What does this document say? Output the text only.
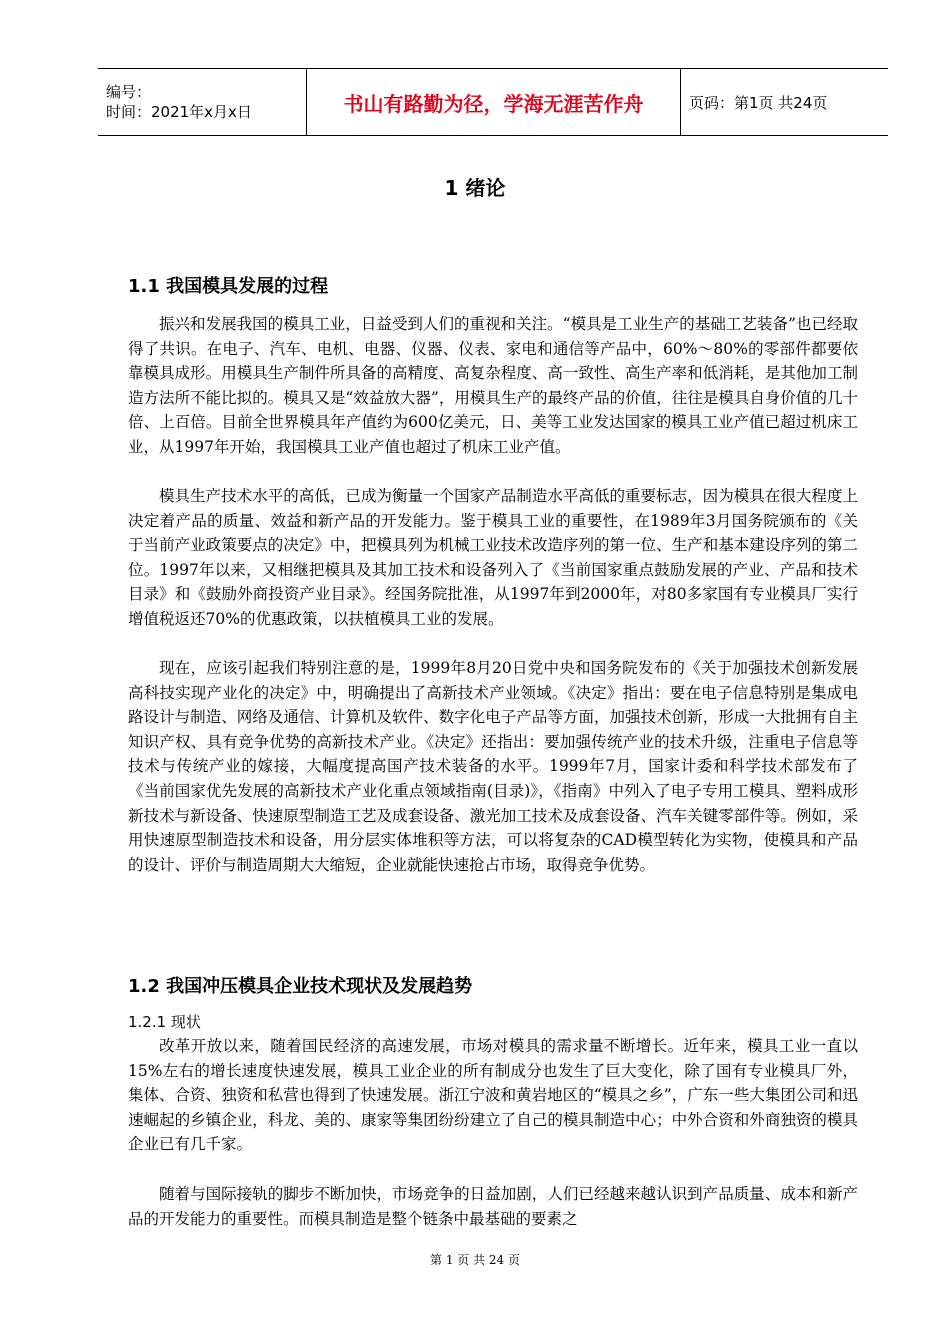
编号：
时间：2021年x月x日	书山有路勤为径，学海无涯苦作舟	页码：第1页 共24页
1 绪论
1.1 我国模具发展的过程

振兴和发展我国的模具工业，日益受到人们的重视和关注。“模具是工业生产的基础工艺装备”也已经取得了共识。在电子、汽车、电机、电器、仪器、仪表、家电和通信等产品中，60%～80%的零部件都要依靠模具成形。用模具生产制件所具备的高精度、高复杂程度、高一致性、高生产率和低消耗，是其他加工制造方法所不能比拟的。模具又是“效益放大器”，用模具生产的最终产品的价值，往往是模具自身价值的几十倍、上百倍。目前全世界模具年产值约为600亿美元，日、美等工业发达国家的模具工业产值已超过机床工业，从1997年开始，我国模具工业产值也超过了机床工业产值。

模具生产技术水平的高低，已成为衡量一个国家产品制造水平高低的重要标志，因为模具在很大程度上决定着产品的质量、效益和新产品的开发能力。鉴于模具工业的重要性，在1989年3月国务院颁布的《关于当前产业政策要点的决定》中，把模具列为机械工业技术改造序列的第一位、生产和基本建设序列的第二位。1997年以来，又相继把模具及其加工技术和设备列入了《当前国家重点鼓励发展的产业、产品和技术目录》和《鼓励外商投资产业目录》。经国务院批准，从1997年到2000年，对80多家国有专业模具厂实行增值税返还70%的优惠政策，以扶植模具工业的发展。

现在，应该引起我们特别注意的是，1999年8月20日党中央和国务院发布的《关于加强技术创新发展高科技实现产业化的决定》中，明确提出了高新技术产业领域。《决定》指出：要在电子信息特别是集成电路设计与制造、网络及通信、计算机及软件、数字化电子产品等方面，加强技术创新，形成一大批拥有自主知识产权、具有竞争优势的高新技术产业。《决定》还指出：要加强传统产业的技术升级，注重电子信息等技术与传统产业的嫁接，大幅度提高国产技术装备的水平。1999年7月，国家计委和科学技术部发布了《当前国家优先发展的高新技术产业化重点领域指南(目录)》，《指南》中列入了电子专用工模具、塑料成形新技术与新设备、快速原型制造工艺及成套设备、激光加工技术及成套设备、汽车关键零部件等。例如，采用快速原型制造技术和设备，用分层实体堆积等方法，可以将复杂的CAD模型转化为实物，使模具和产品的设计、评价与制造周期大大缩短，企业就能快速抢占市场，取得竞争优势。

1.2 我国冲压模具企业技术现状及发展趋势
1.2.1 现状

改革开放以来，随着国民经济的高速发展，市场对模具的需求量不断增长。近年来，模具工业一直以15%左右的增长速度快速发展，模具工业企业的所有制成分也发生了巨大变化，除了国有专业模具厂外，集体、合资、独资和私营也得到了快速发展。浙江宁波和黄岩地区的“模具之乡”，广东一些大集团公司和迅速崛起的乡镇企业，科龙、美的、康家等集团纷纷建立了自己的模具制造中心；中外合资和外商独资的模具企业已有几千家。

随着与国际接轨的脚步不断加快，市场竞争的日益加剧，人们已经越来越认识到产品质量、成本和新产品的开发能力的重要性。而模具制造是整个链条中最基础的要素之

第 1 页 共 24 页
